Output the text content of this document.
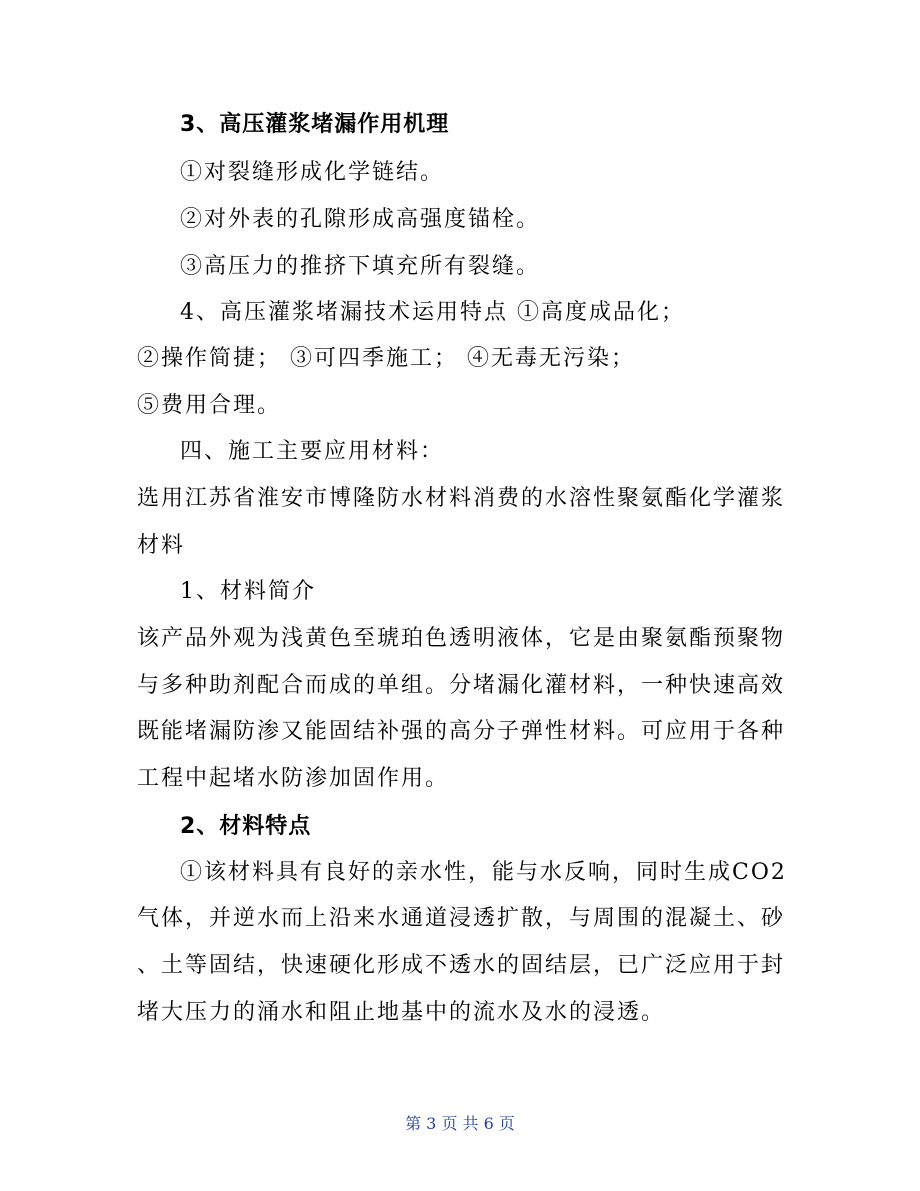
3、高压灌浆堵漏作用机理
①对裂缝形成化学链结。
②对外表的孔隙形成高强度锚栓。
③高压力的推挤下填充所有裂缝。
4、高压灌浆堵漏技术运用特点 ①高度成品化；
②操作简捷； ③可四季施工； ④无毒无污染；
⑤费用合理。
四、施工主要应用材料：
选用江苏省淮安市博隆防水材料消费的水溶性聚氨酯化学灌浆
材料
1、材料简介
该产品外观为浅黄色至琥珀色透明液体，它是由聚氨酯预聚物
与多种助剂配合而成的单组。分堵漏化灌材料，一种快速高效
既能堵漏防渗又能固结补强的高分子弹性材料。可应用于各种
工程中起堵水防渗加固作用。
2、材料特点
①该材料具有良好的亲水性，能与水反响，同时生成CO2
气体，并逆水而上沿来水通道浸透扩散，与周围的混凝土、砂
、土等固结，快速硬化形成不透水的固结层，已广泛应用于封
堵大压力的涌水和阻止地基中的流水及水的浸透。
第 3 页 共 6 页
